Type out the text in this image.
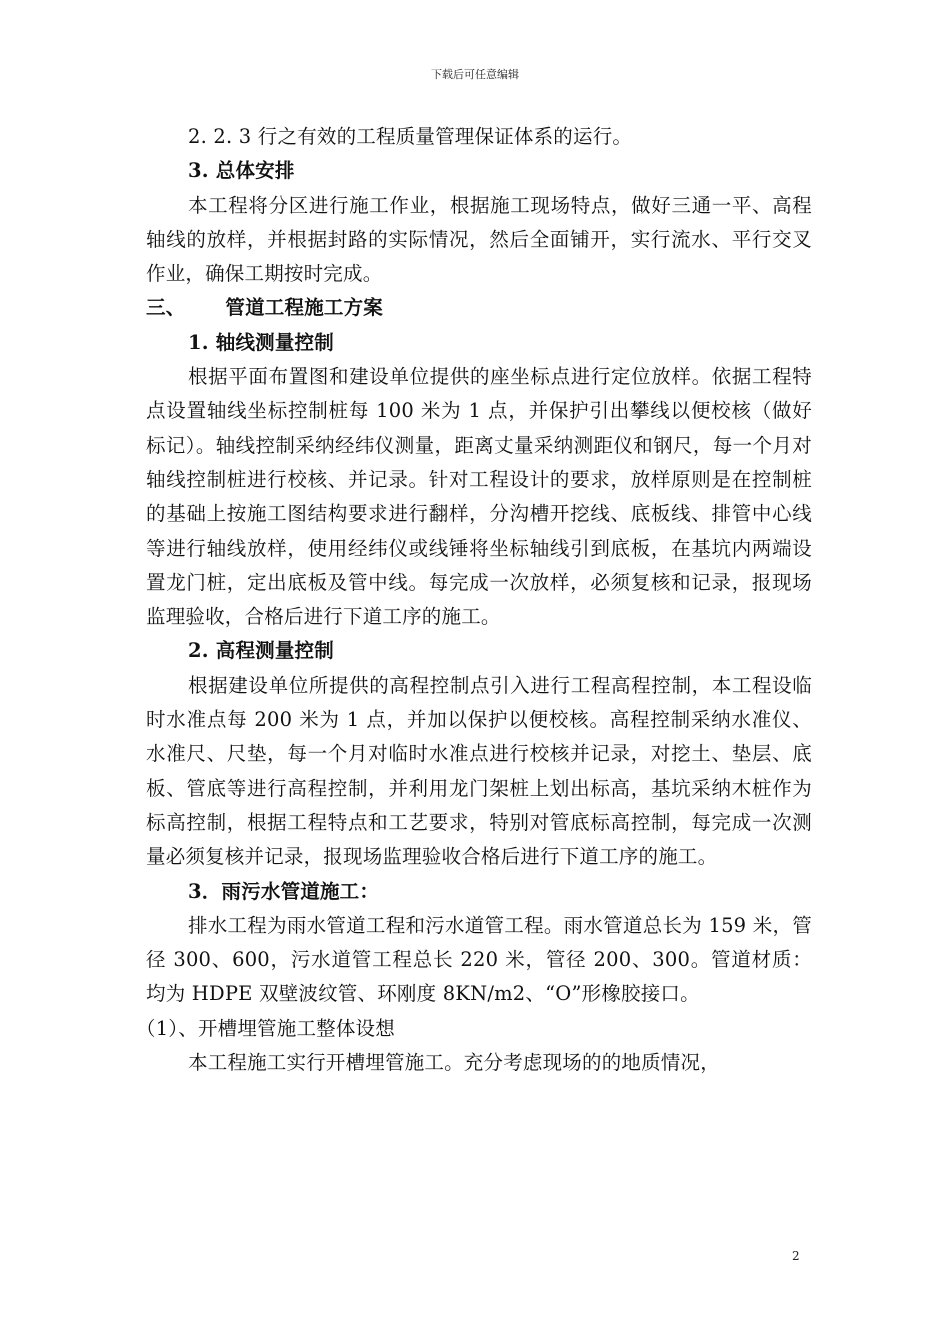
下载后可任意编辑

2. 2. 3 行之有效的工程质量管理保证体系的运行。

3. 总体安排

本工程将分区进行施工作业，根据施工现场特点，做好三通一平、高程轴线的放样，并根据封路的实际情况，然后全面铺开，实行流水、平行交叉作业，确保工期按时完成。

三、 管道工程施工方案

1. 轴线测量控制

根据平面布置图和建设单位提供的座坐标点进行定位放样。依据工程特点设置轴线坐标控制桩每 100 米为 1 点，并保护引出攀线以便校核（做好标记）。轴线控制采纳经纬仪测量，距离丈量采纳测距仪和钢尺，每一个月对轴线控制桩进行校核、并记录。针对工程设计的要求，放样原则是在控制桩的基础上按施工图结构要求进行翻样，分沟槽开挖线、底板线、排管中心线等进行轴线放样，使用经纬仪或线锤将坐标轴线引到底板，在基坑内两端设置龙门桩，定出底板及管中线。每完成一次放样，必须复核和记录，报现场监理验收，合格后进行下道工序的施工。

2. 高程测量控制

根据建设单位所提供的高程控制点引入进行工程高程控制，本工程设临时水准点每 200 米为 1 点，并加以保护以便校核。高程控制采纳水准仪、水准尺、尺垫，每一个月对临时水准点进行校核并记录，对挖土、垫层、底板、管底等进行高程控制，并利用龙门架桩上划出标高，基坑采纳木桩作为标高控制，根据工程特点和工艺要求，特别对管底标高控制，每完成一次测量必须复核并记录，报现场监理验收合格后进行下道工序的施工。

3．雨污水管道施工：

排水工程为雨水管道工程和污水道管工程。雨水管道总长为 159 米，管径 300、600，污水道管工程总长 220 米，管径 200、300。管道材质：均为 HDPE 双壁波纹管、环刚度 8KN/m2、“O”形橡胶接口。

（1）、开槽埋管施工整体设想

本工程施工实行开槽埋管施工。充分考虑现场的的地质情况，

2
